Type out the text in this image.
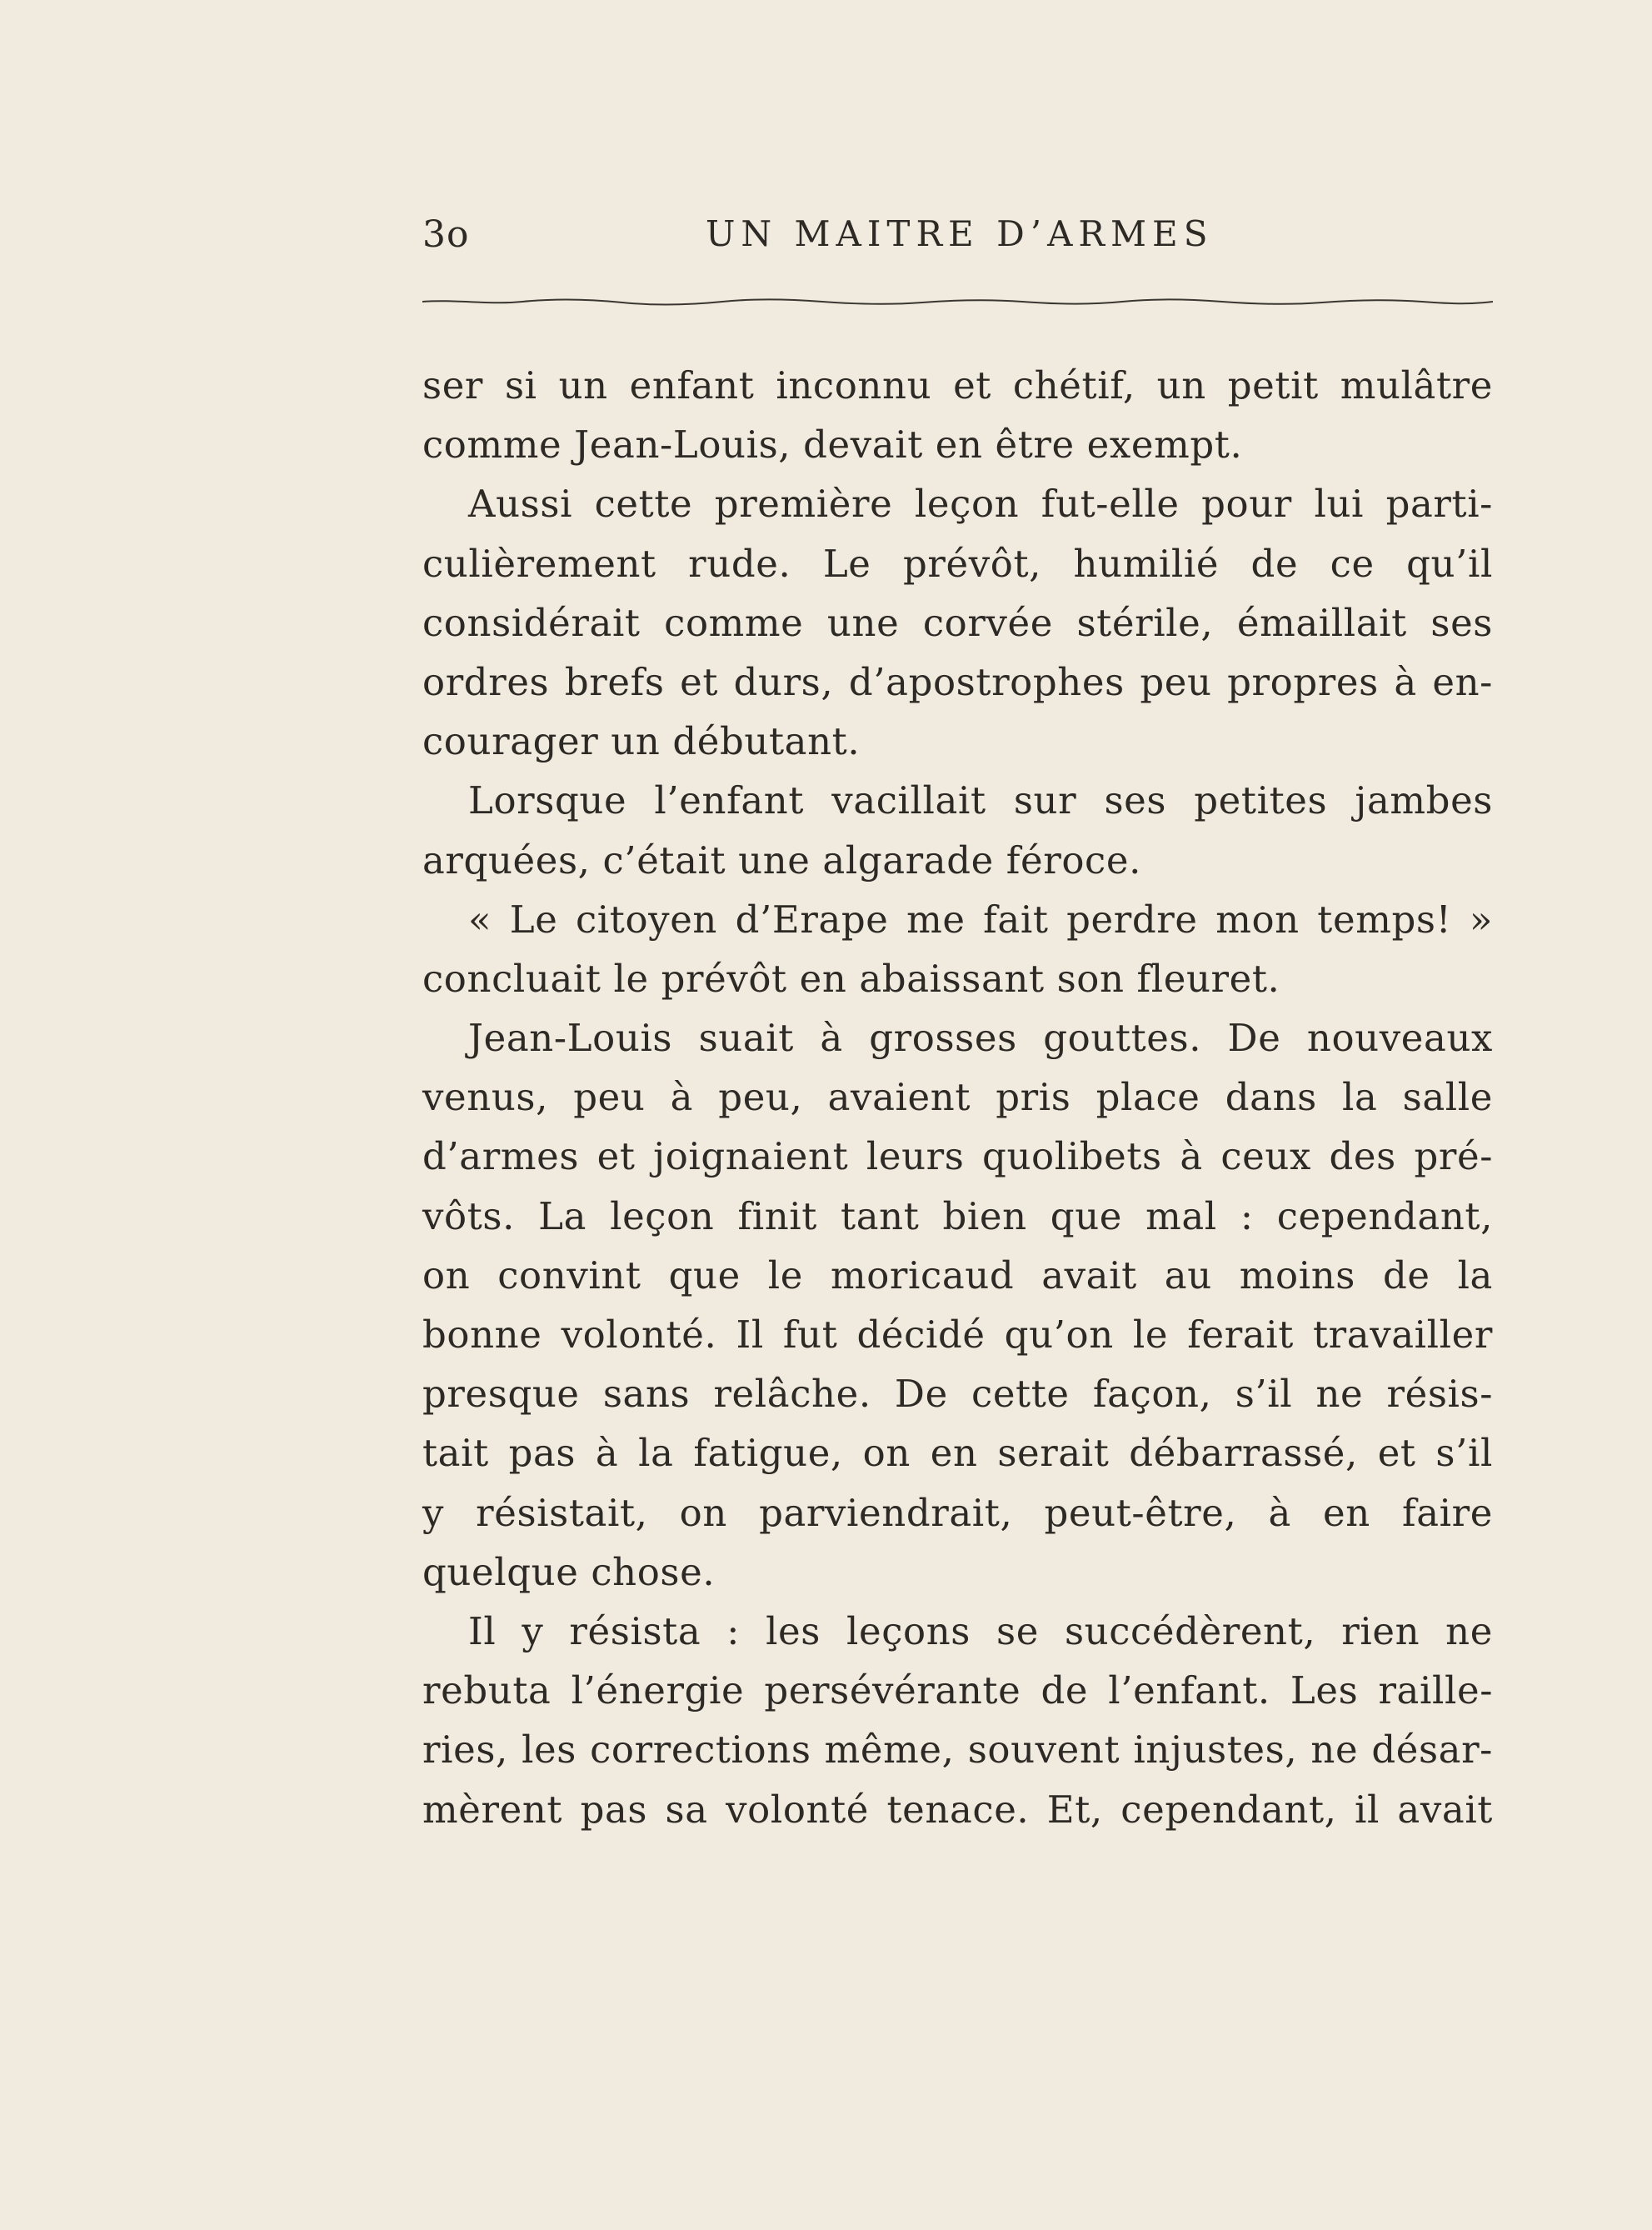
3o	UN MAITRE D’ARMES
ser si un enfant inconnu et chétif, un petit mulâtre
comme Jean-Louis, devait en être exempt.
Aussi cette première leçon fut-elle pour lui parti-
culièrement rude. Le prévôt, humilié de ce qu’il
considérait comme une corvée stérile, émaillait ses
ordres brefs et durs, d’apostrophes peu propres à en-
courager un débutant.
Lorsque l’enfant vacillait sur ses petites jambes
arquées, c’était une algarade féroce.
« Le citoyen d’Erape me fait perdre mon temps! »
concluait le prévôt en abaissant son fleuret.
Jean-Louis suait à grosses gouttes. De nouveaux
venus, peu à peu, avaient pris place dans la salle
d’armes et joignaient leurs quolibets à ceux des pré-
vôts. La leçon finit tant bien que mal : cependant,
on convint que le moricaud avait au moins de la
bonne volonté. Il fut décidé qu’on le ferait travailler
presque sans relâche. De cette façon, s’il ne résis-
tait pas à la fatigue, on en serait débarrassé, et s’il
y résistait, on parviendrait, peut-être, à en faire
quelque chose.
Il y résista : les leçons se succédèrent, rien ne
rebuta l’énergie persévérante de l’enfant. Les raille-
ries, les corrections même, souvent injustes, ne désar-
mèrent pas sa volonté tenace. Et, cependant, il avait
